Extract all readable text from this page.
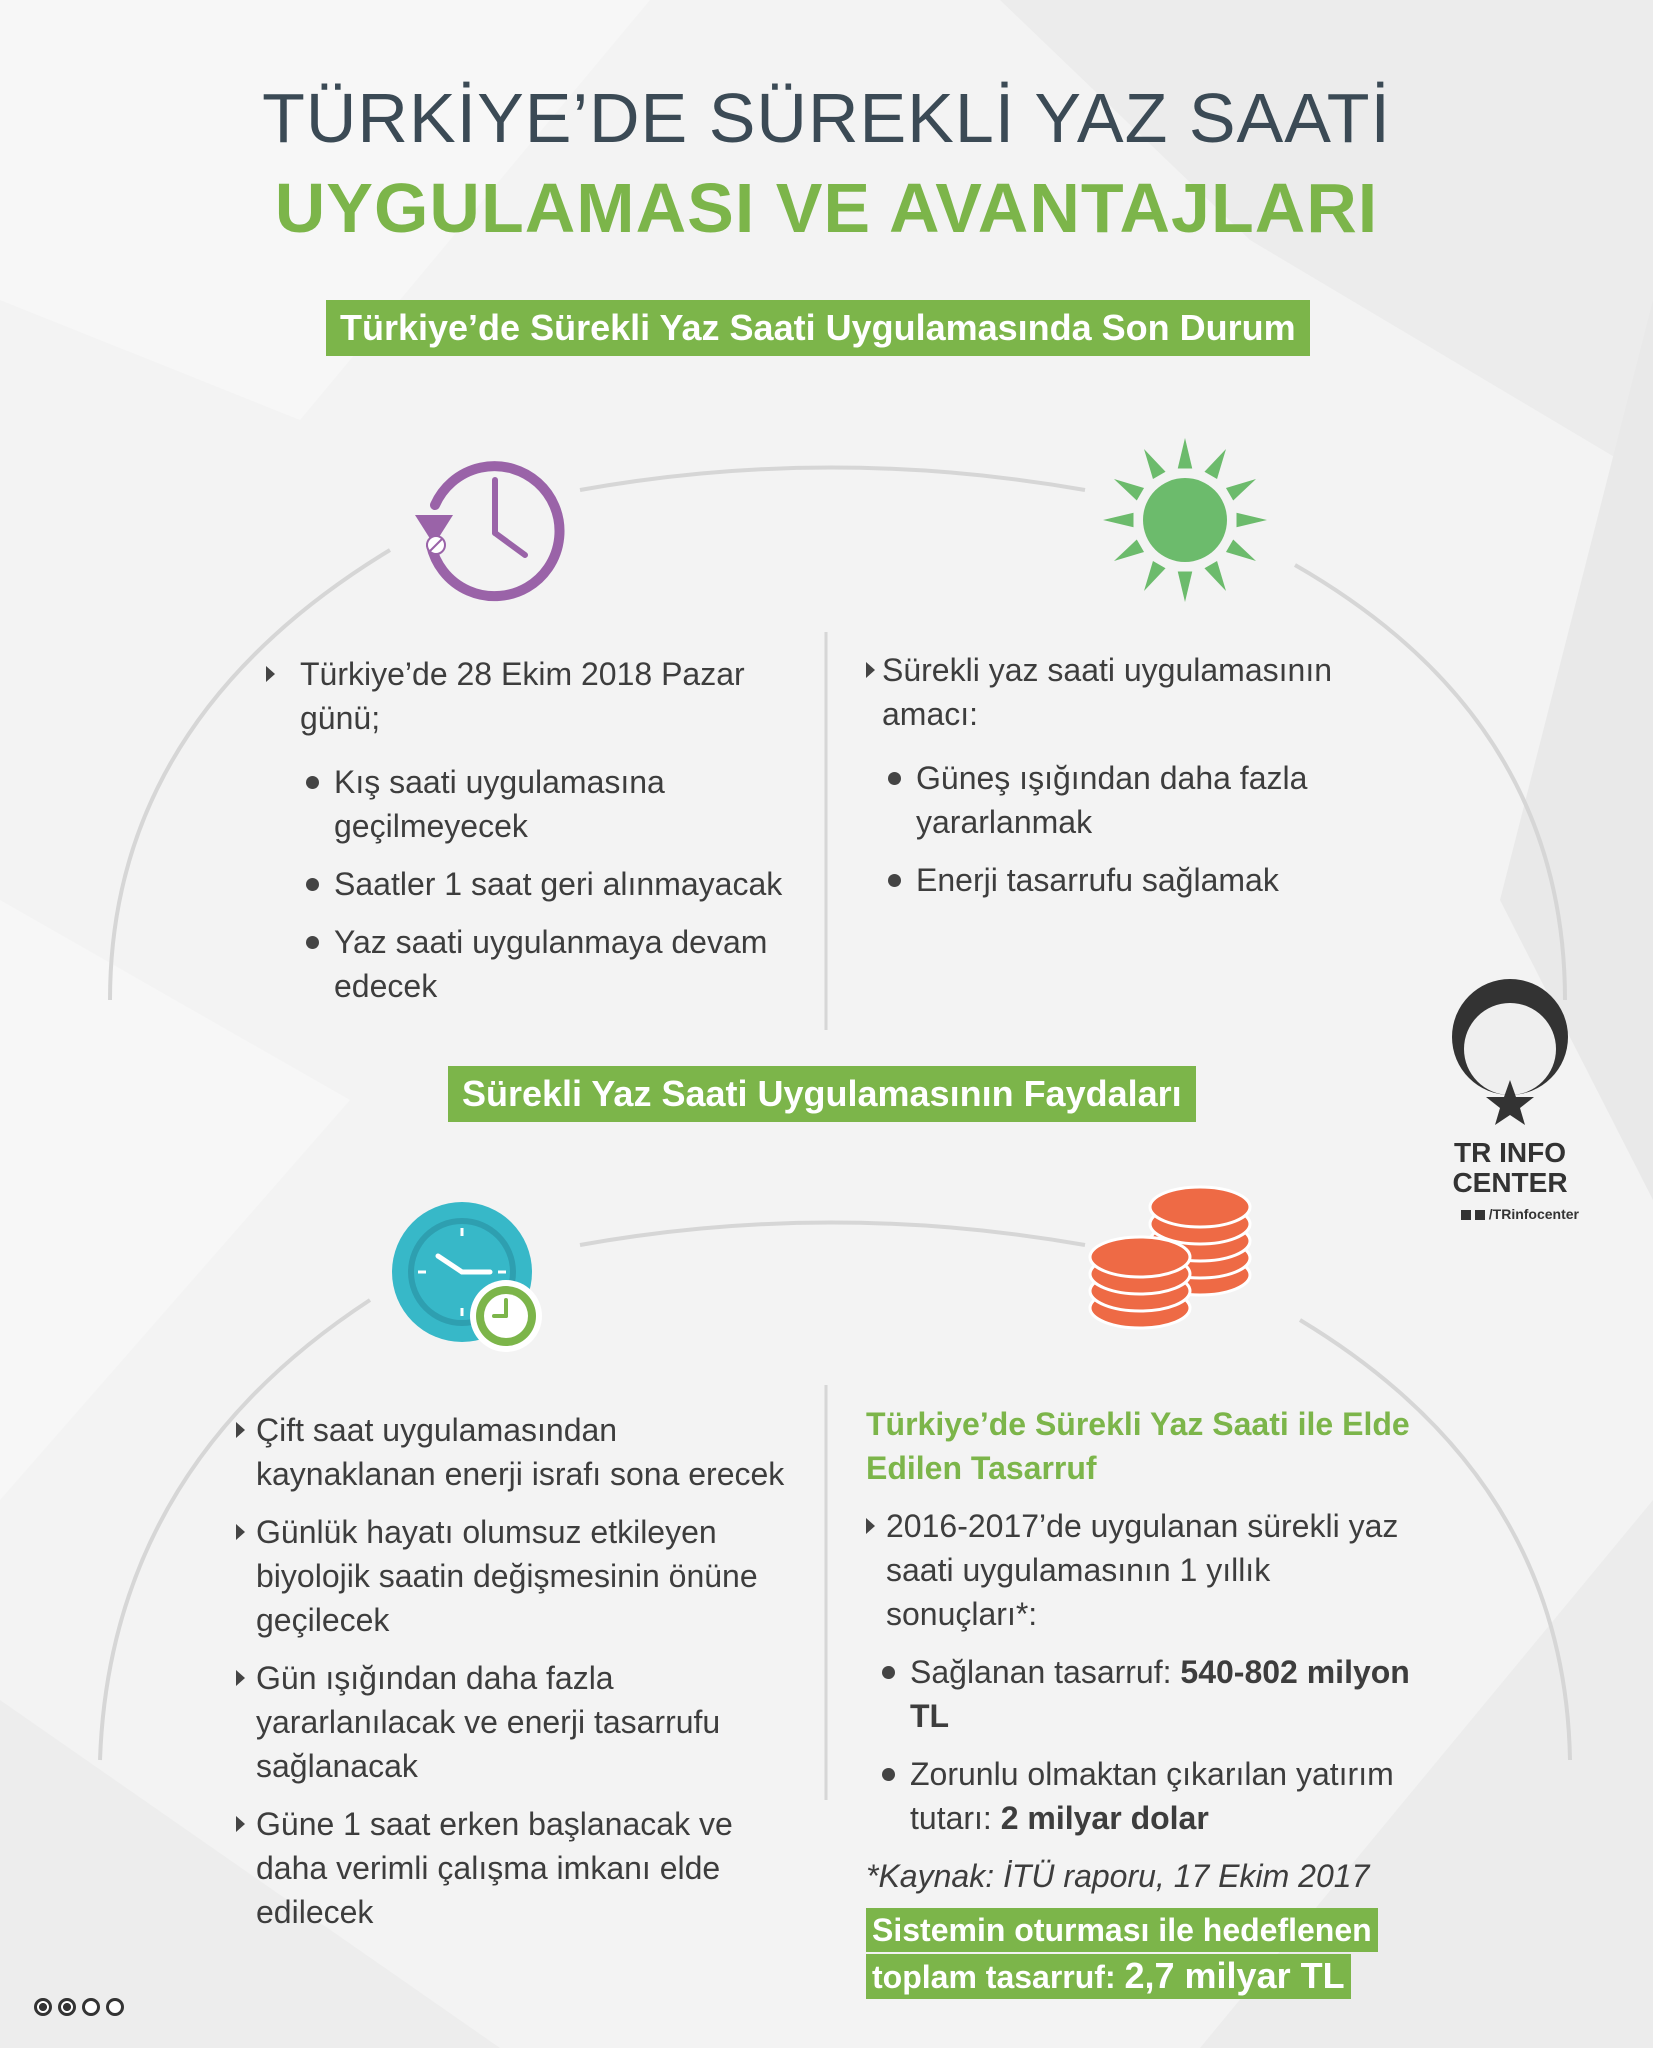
TÜRKİYE’DE SÜREKLİ YAZ SAATİ
UYGULAMASI VE AVANTAJLARI
Türkiye’de Sürekli Yaz Saati Uygulamasında Son Durum
Türkiye’de 28 Ekim 2018 Pazar günü;
Kış saati uygulamasına geçilmeyecek
Saatler 1 saat geri alınmayacak
Yaz saati uygulanmaya devam edecek
Sürekli yaz saati uygulamasının amacı:
Güneş ışığından daha fazla yararlanmak
Enerji tasarrufu sağlamak
Sürekli Yaz Saati Uygulamasının Faydaları
Çift saat uygulamasından kaynaklanan enerji israfı sona erecek
Günlük hayatı olumsuz etkileyen biyolojik saatin değişmesinin önüne geçilecek
Gün ışığından daha fazla yararlanılacak ve enerji tasarrufu sağlanacak
Güne 1 saat erken başlanacak ve daha verimli çalışma imkanı elde edilecek
Türkiye’de Sürekli Yaz Saati ile Elde Edilen Tasarruf
2016-2017’de uygulanan sürekli yaz saati uygulamasının 1 yıllık sonuçları*:
Sağlanan tasarruf: 540-802 milyon TL
Zorunlu olmaktan çıkarılan yatırım tutarı: 2 milyar dolar
*Kaynak: İTÜ raporu, 17 Ekim 2017
Sistemin oturması ile hedeflenen
toplam tasarruf: 2,7 milyar TL
TR INFO
CENTER
/TRinfocenter
